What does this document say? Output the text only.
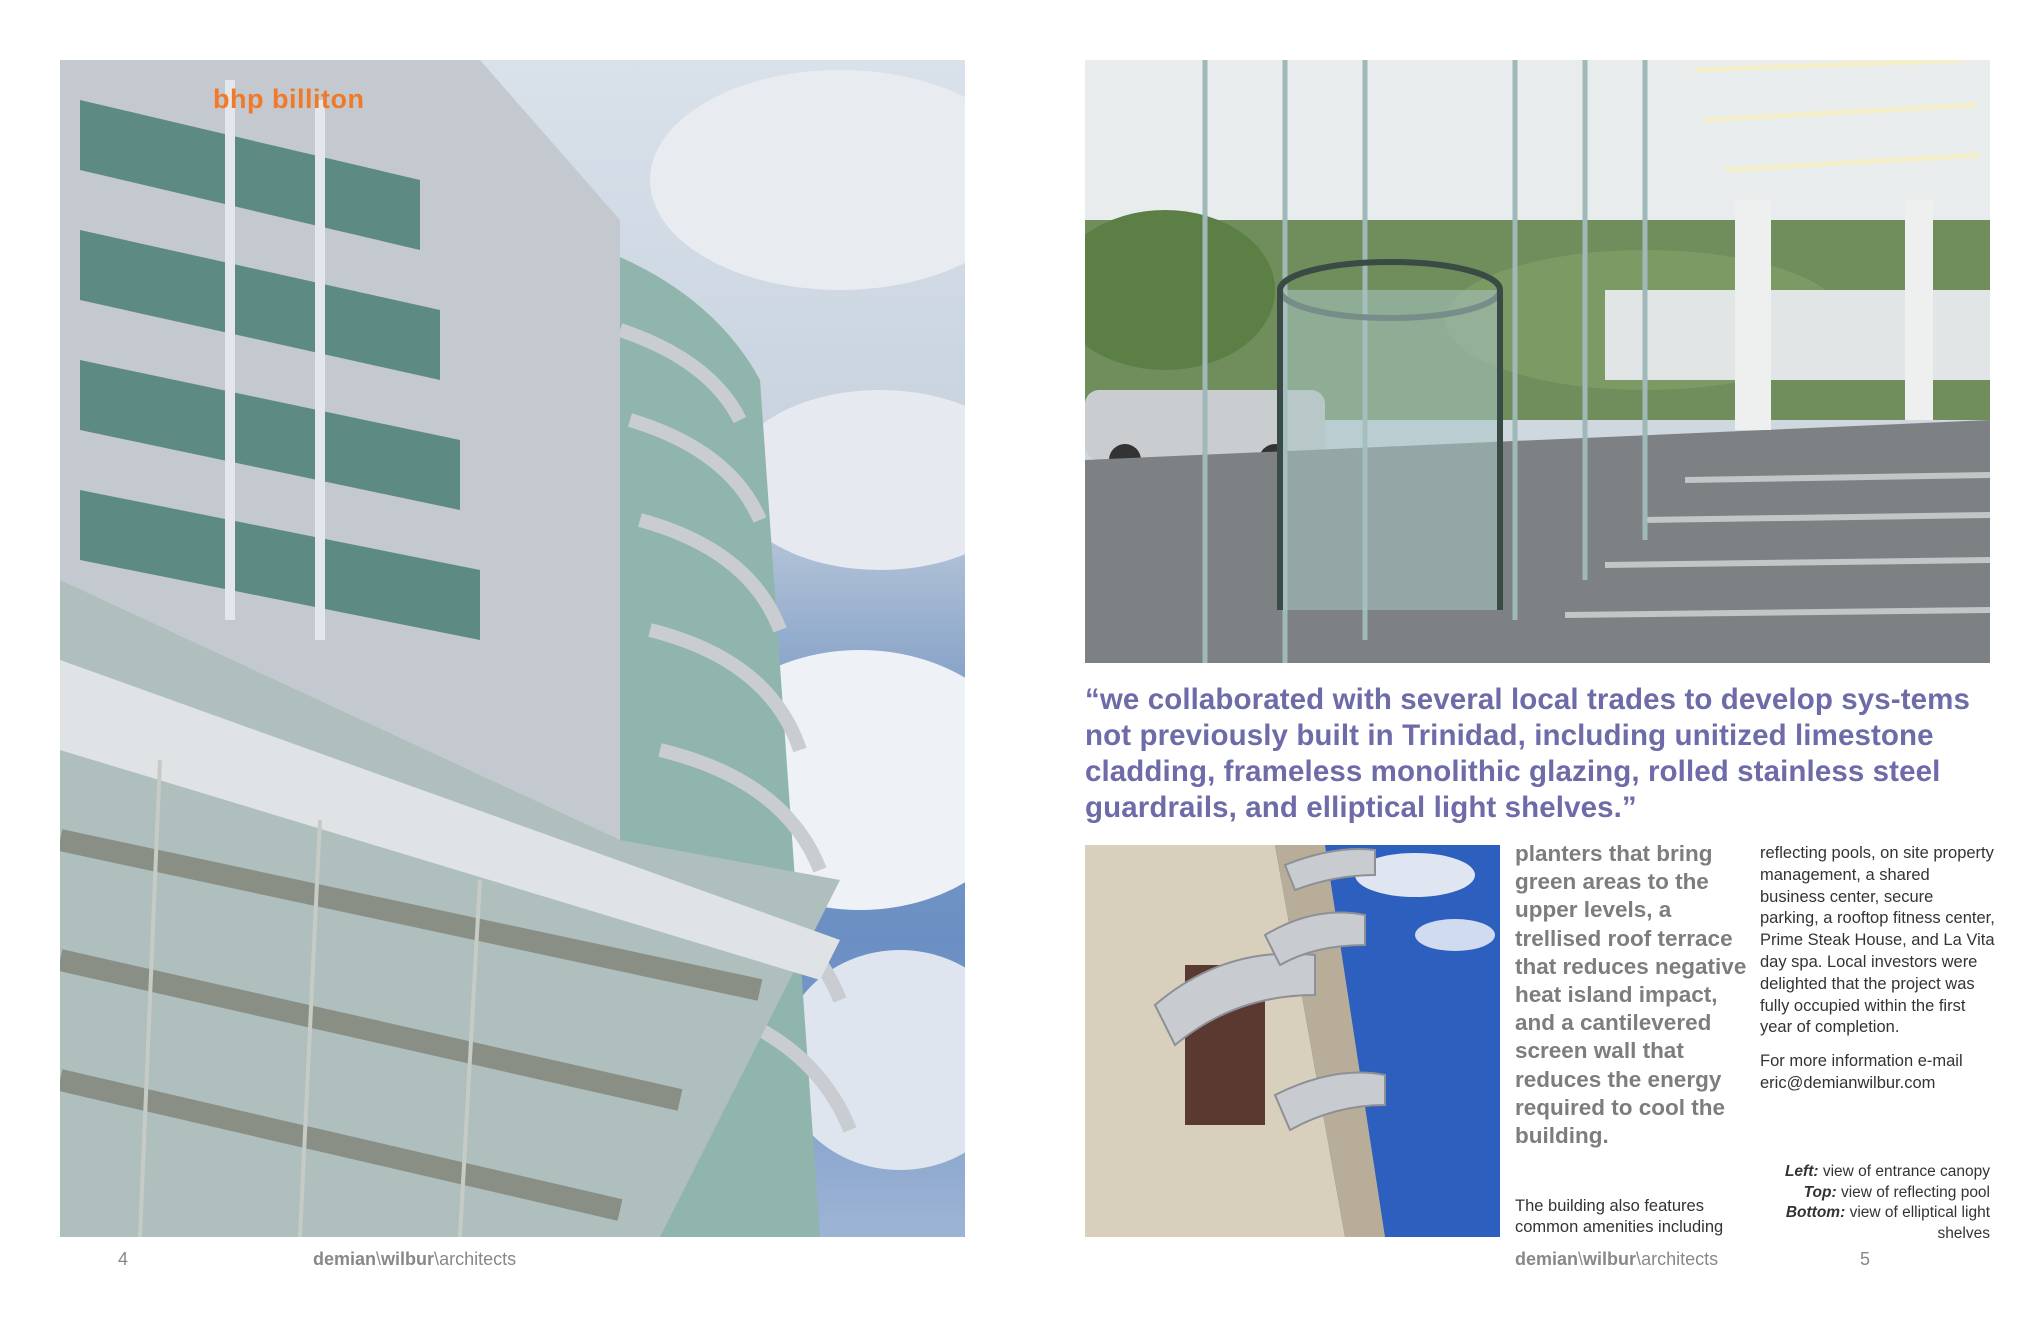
bhp billiton
4	demian\wilbur\architects

“we collaborated with several local trades to develop sys-tems not previously built in Trinidad, including unitized limestone cladding, frameless monolithic glazing, rolled stainless steel guardrails, and elliptical light shelves.”

planters that bring green areas to the upper levels, a trellised roof terrace that reduces negative heat island impact, and a cantilevered screen wall that reduces the energy required to cool the building.

The building also features common amenities including

reflecting pools, on site property management, a shared business center, secure parking, a rooftop fitness center, Prime Steak House, and La Vita day spa. Local investors were delighted that the project was fully occupied within the first year of completion.

For more information e-mail

eric@demianwilbur.com

Left: view of entrance canopy
Top: view of reflecting pool
Bottom: view of elliptical light shelves
demian\wilbur\architects	5
